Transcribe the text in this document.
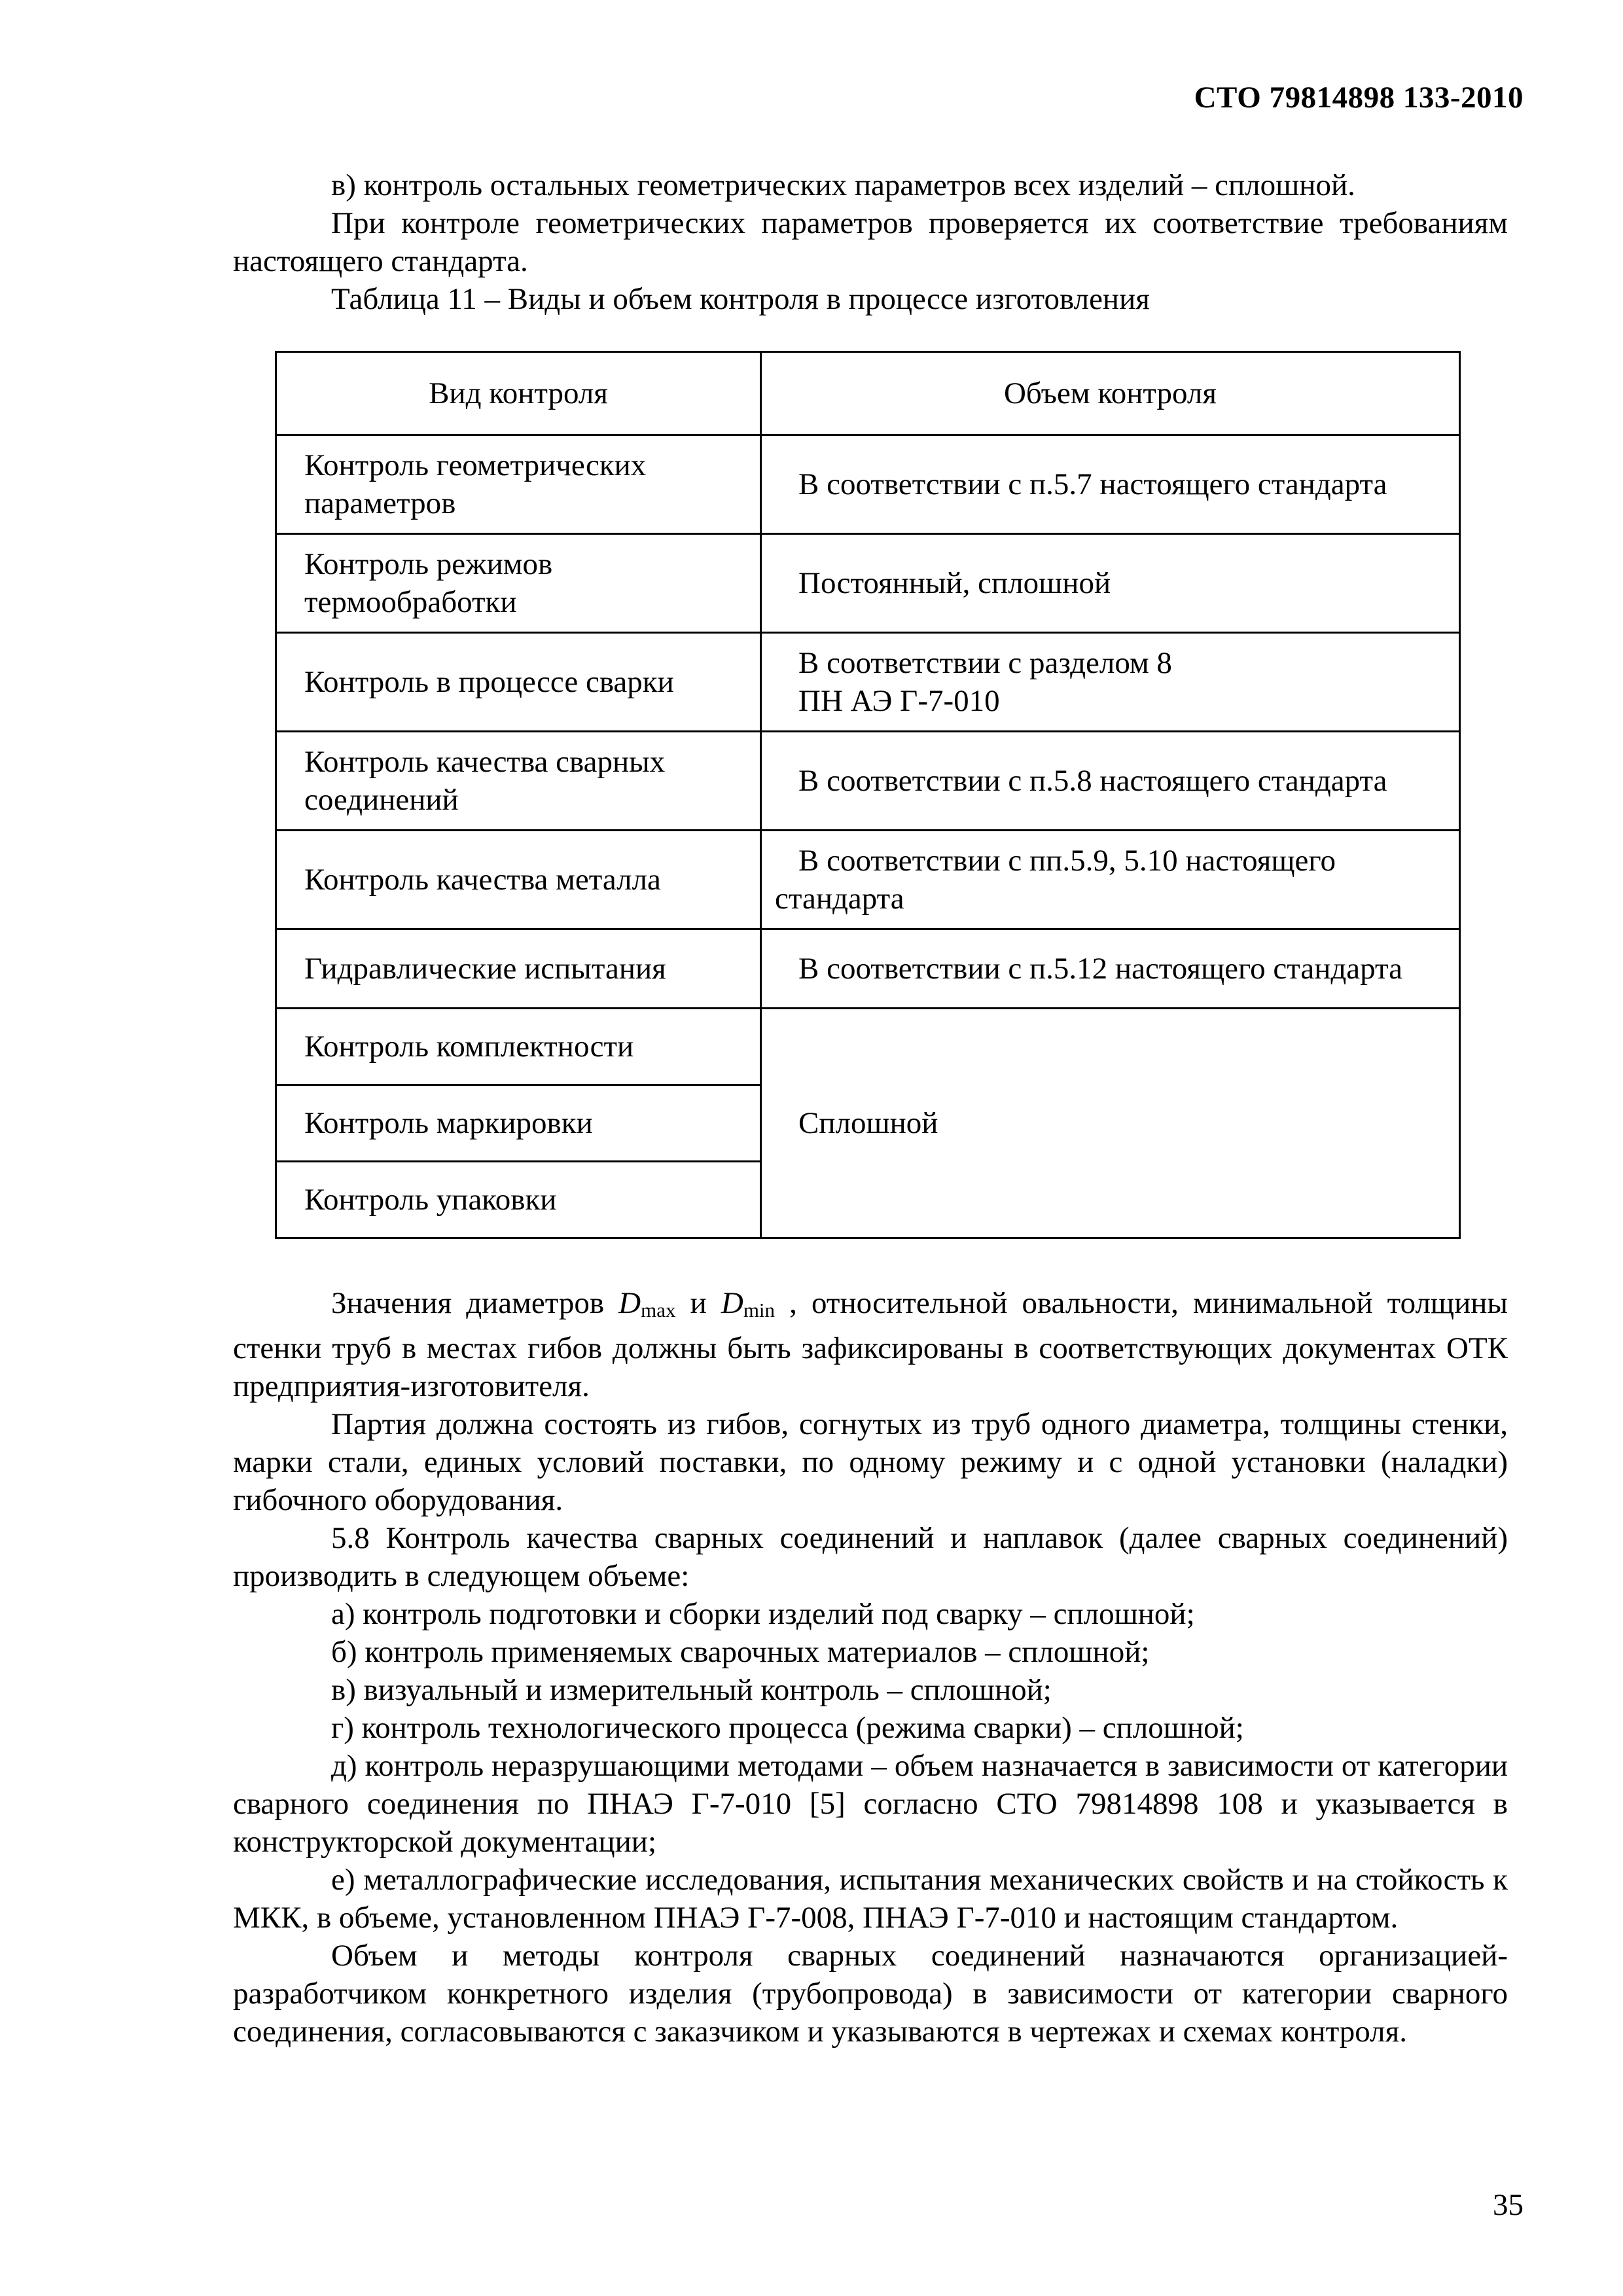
СТО 79814898 133-2010

в) контроль остальных геометрических параметров всех изделий – сплошной.

При контроле геометрических параметров проверяется их соответствие требованиям настоящего стандарта.

Таблица 11 – Виды и объем контроля в процессе изготовления

Вид контроля	Объем контроля
Контроль геометрических параметров	В соответствии с п.5.7 настоящего стандарта
Контроль режимов термообработки	Постоянный, сплошной
Контроль в процессе сварки	В соответствии с разделом 8
ПН АЭ Г-7-010
Контроль качества сварных соединений	В соответствии с п.5.8 настоящего стандарта
Контроль качества металла	В соответствии с пп.5.9, 5.10 настоящего стандарта
Гидравлические испытания	В соответствии с п.5.12 настоящего стандарта
Контроль комплектности	Сплошной
Контроль маркировки	
Контроль упаковки	

Значения диаметров Dmax и Dmin , относительной овальности, минимальной толщины стенки труб в местах гибов должны быть зафиксированы в соответствующих документах ОТК предприятия-изготовителя.

Партия должна состоять из гибов, согнутых из труб одного диаметра, толщины стенки, марки стали, единых условий поставки, по одному режиму и с одной установки (наладки) гибочного оборудования.

5.8 Контроль качества сварных соединений и наплавок (далее сварных соединений) производить в следующем объеме:

а) контроль подготовки и сборки изделий под сварку – сплошной;

б) контроль применяемых сварочных материалов – сплошной;

в) визуальный и измерительный контроль – сплошной;

г) контроль технологического процесса (режима сварки) – сплошной;

д) контроль неразрушающими методами – объем назначается в зависимости от категории сварного соединения по ПНАЭ Г-7-010 [5] согласно СТО 79814898 108 и указывается в конструкторской документации;

е) металлографические исследования, испытания механических свойств и на стойкость к МКК, в объеме, установленном ПНАЭ Г-7-008, ПНАЭ Г-7-010 и настоящим стандартом.

Объем и методы контроля сварных соединений назначаются организацией-разработчиком конкретного изделия (трубопровода) в зависимости от категории сварного соединения, согласовываются с заказчиком и указываются в чертежах и схемах контроля.

35
